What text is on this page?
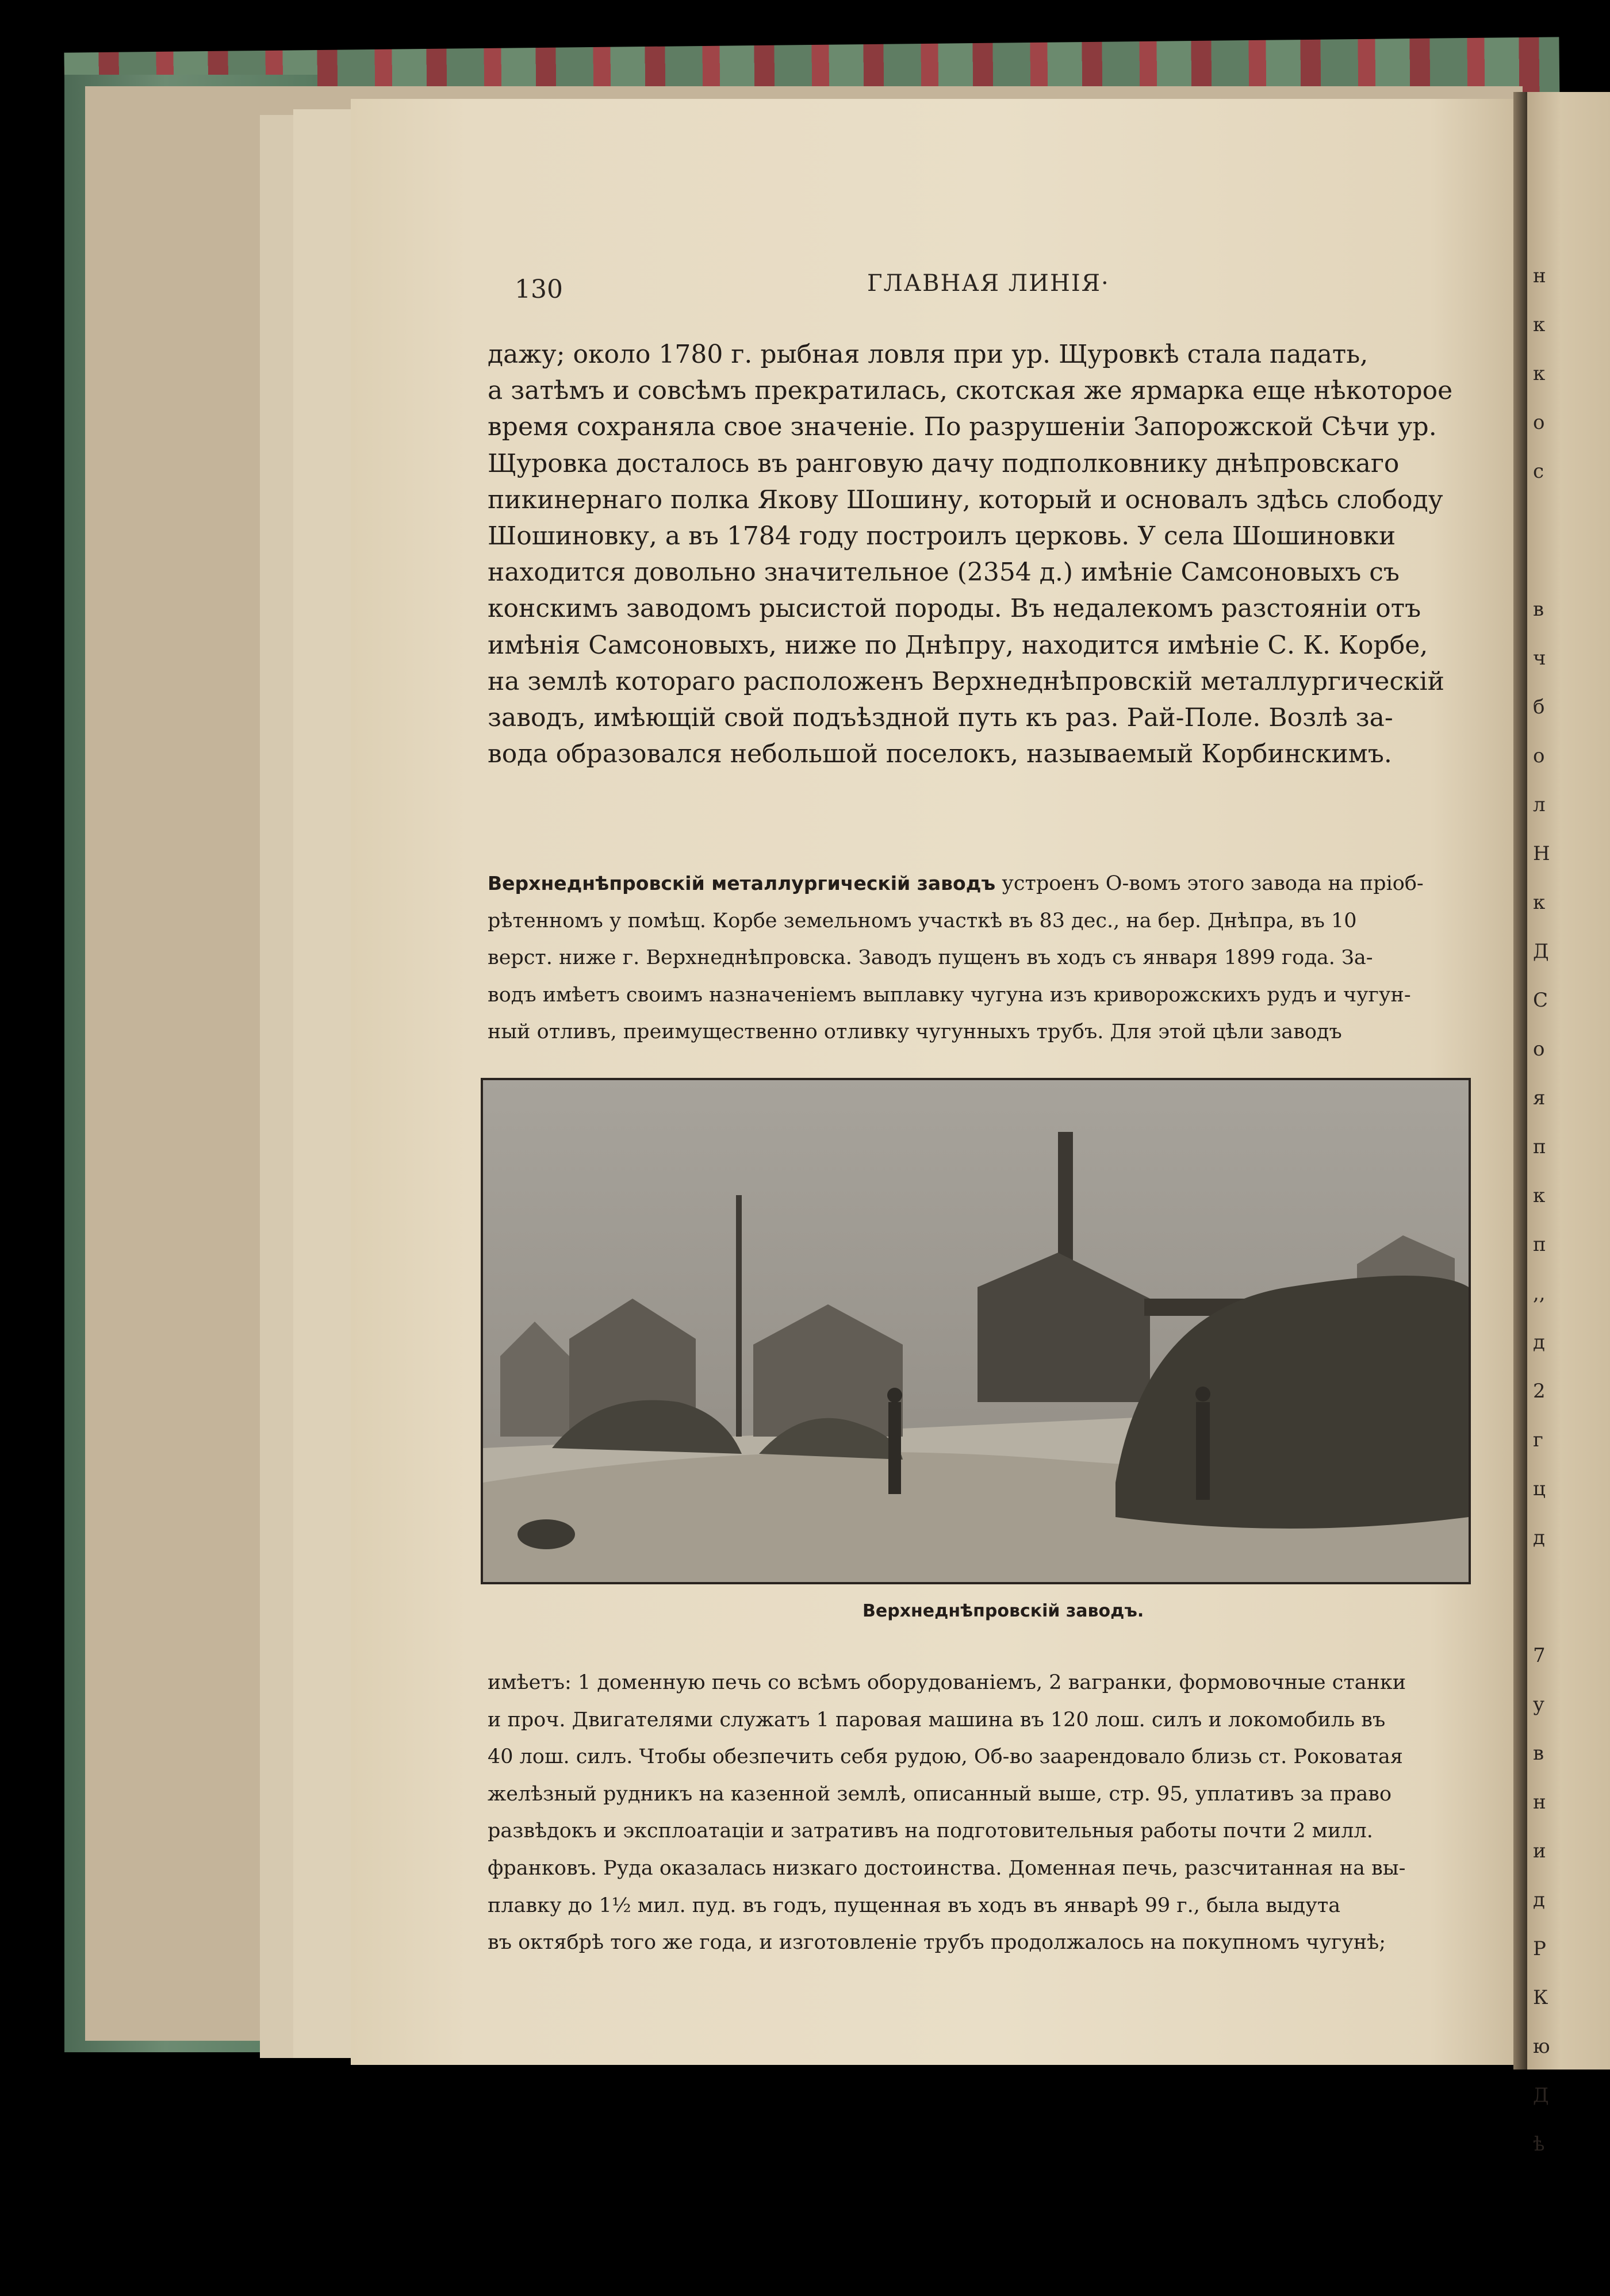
н
к
к
о
с
в
ч
б
о
л
Н
к
Д
С
о
я
п
к
п
,,
д
2
г
ц
д
7
у
в
н
и
д
Р
К
ю
Д
ѣ
130	ГЛАВНАЯ ЛИНІЯ·
дажу; около 1780 г. рыбная ловля при ур. Щуровкѣ стала падать,
а затѣмъ и совсѣмъ прекратилась, скотская же ярмарка еще нѣкоторое
время сохраняла свое значеніе. По разрушеніи Запорожской Сѣчи ур.
Щуровка досталось въ ранговую дачу подполковнику днѣпровскаго
пикинернаго полка Якову Шошину, который и основалъ здѣсь слободу
Шошиновку, а въ 1784 году построилъ церковь. У села Шошиновки
находится довольно значительное (2354 д.) имѣніе Самсоновыхъ съ
конскимъ заводомъ рысистой породы. Въ недалекомъ разстояніи отъ
имѣнія Самсоновыхъ, ниже по Днѣпру, находится имѣніе С. К. Корбе,
на землѣ котораго расположенъ Верхнеднѣпровскій металлургическій
заводъ, имѣющій свой подъѣздной путь къ раз. Рай-Поле. Возлѣ за-
вода образовался небольшой поселокъ, называемый Корбинскимъ.
Верхнеднѣпровскій металлургическій заводъ устроенъ О-вомъ этого завода на пріоб-
рѣтенномъ у помѣщ. Корбе земельномъ участкѣ въ 83 дес., на бер. Днѣпра, въ 10
верст. ниже г. Верхнеднѣпровска. Заводъ пущенъ въ ходъ съ января 1899 года. За-
водъ имѣетъ своимъ назначеніемъ выплавку чугуна изъ криворожскихъ рудъ и чугун-
ный отливъ, преимущественно отливку чугунныхъ трубъ. Для этой цѣли заводъ
Верхнеднѣпровскій заводъ.
имѣетъ: 1 доменную печь со всѣмъ оборудованіемъ, 2 вагранки, формовочные станки
и проч. Двигателями служатъ 1 паровая машина въ 120 лош. силъ и локомобиль въ
40 лош. силъ. Чтобы обезпечить себя рудою, Об-во заарендовало близь ст. Роковатая
желѣзный рудникъ на казенной землѣ, описанный выше, стр. 95, уплативъ за право
развѣдокъ и эксплоатаціи и затративъ на подготовительныя работы почти 2 милл.
франковъ. Руда оказалась низкаго достоинства. Доменная печь, разсчитанная на вы-
плавку до 1½ мил. пуд. въ годъ, пущенная въ ходъ въ январѣ 99 г., была выдута
въ октябрѣ того же года, и изготовленіе трубъ продолжалось на покупномъ чугунѣ;
